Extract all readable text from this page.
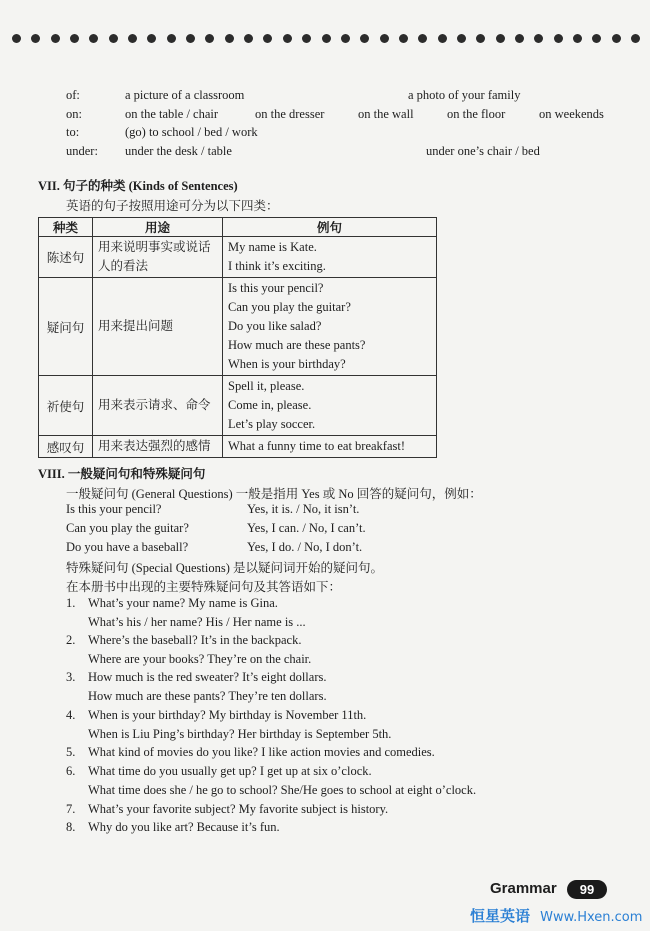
of:	a picture of a classroom	a photo of your family
on:	on the table / chair	on the dresser	on the wall	on the floor	on weekends
to:	(go) to school / bed / work
under: under the desk / table	under one’s chair / bed
VII. 句子的种类 (Kinds of Sentences)
英语的句子按照用途可分为以下四类：
种类	用途	例句
陈述句	用来说明事实或说话人的看法	My name is Kate.
I think it’s exciting.

疑问句	用来提出问题	Is this your pencil?
Can you play the guitar?
Do you like salad?
How much are these pants?
When is your birthday?

祈使句	用来表示请求、命令	Spell it, please.
Come in, please.
Let’s play soccer.

感叹句	用来表达强烈的感情	What a funny time to eat breakfast!
VIII. 一般疑问句和特殊疑问句
一般疑问句 (General Questions) 一般是指用 Yes 或 No 回答的疑问句，例如：
Is this your pencil?	Yes, it is. / No, it isn’t.
Can you play the guitar?	Yes, I can. / No, I can’t.
Do you have a baseball?	Yes, I do. / No, I don’t.
特殊疑问句 (Special Questions) 是以疑问词开始的疑问句。
在本册书中出现的主要特殊疑问句及其答语如下：
1. What’s your name? My name is Gina.
What’s his / her name? His / Her name is ...
2. Where’s the baseball? It’s in the backpack.
Where are your books? They’re on the chair.
3. How much is the red sweater? It’s eight dollars.
How much are these pants? They’re ten dollars.
4. When is your birthday? My birthday is November 11th.
When is Liu Ping’s birthday? Her birthday is September 5th.
5. What kind of movies do you like? I like action movies and comedies.
6. What time do you usually get up? I get up at six o’clock.
What time does she / he go to school? She/He goes to school at eight o’clock.
7. What’s your favorite subject? My favorite subject is history.
8. Why do you like art? Because it’s fun.
Grammar	99
恒星英语 Www.Hxen.com
